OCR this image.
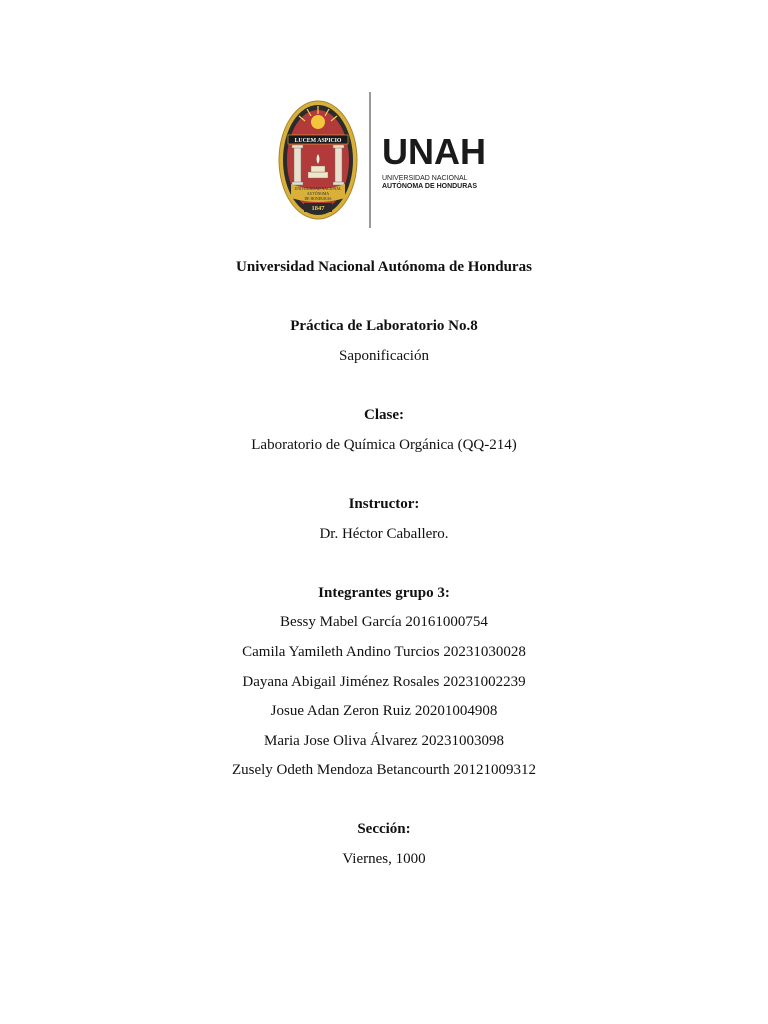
LUCEM ASPICIO
UNIVERSIDAD NACIONAL
AUTÓNOMA
DE HONDURAS
1847
UNAH
UNIVERSIDAD NACIONAL
AUTÓNOMA DE HONDURAS
Universidad Nacional Autónoma de Honduras
Práctica de Laboratorio No.8
Saponificación
Clase:
Laboratorio de Química Orgánica (QQ-214)
Instructor:
Dr. Héctor Caballero.
Integrantes grupo 3:
Bessy Mabel García 20161000754
Camila Yamileth Andino Turcios 20231030028
Dayana Abigail Jiménez Rosales 20231002239
Josue Adan Zeron Ruiz 20201004908
Maria Jose Oliva Álvarez 20231003098
Zusely Odeth Mendoza Betancourth 20121009312
Sección:
Viernes, 1000
